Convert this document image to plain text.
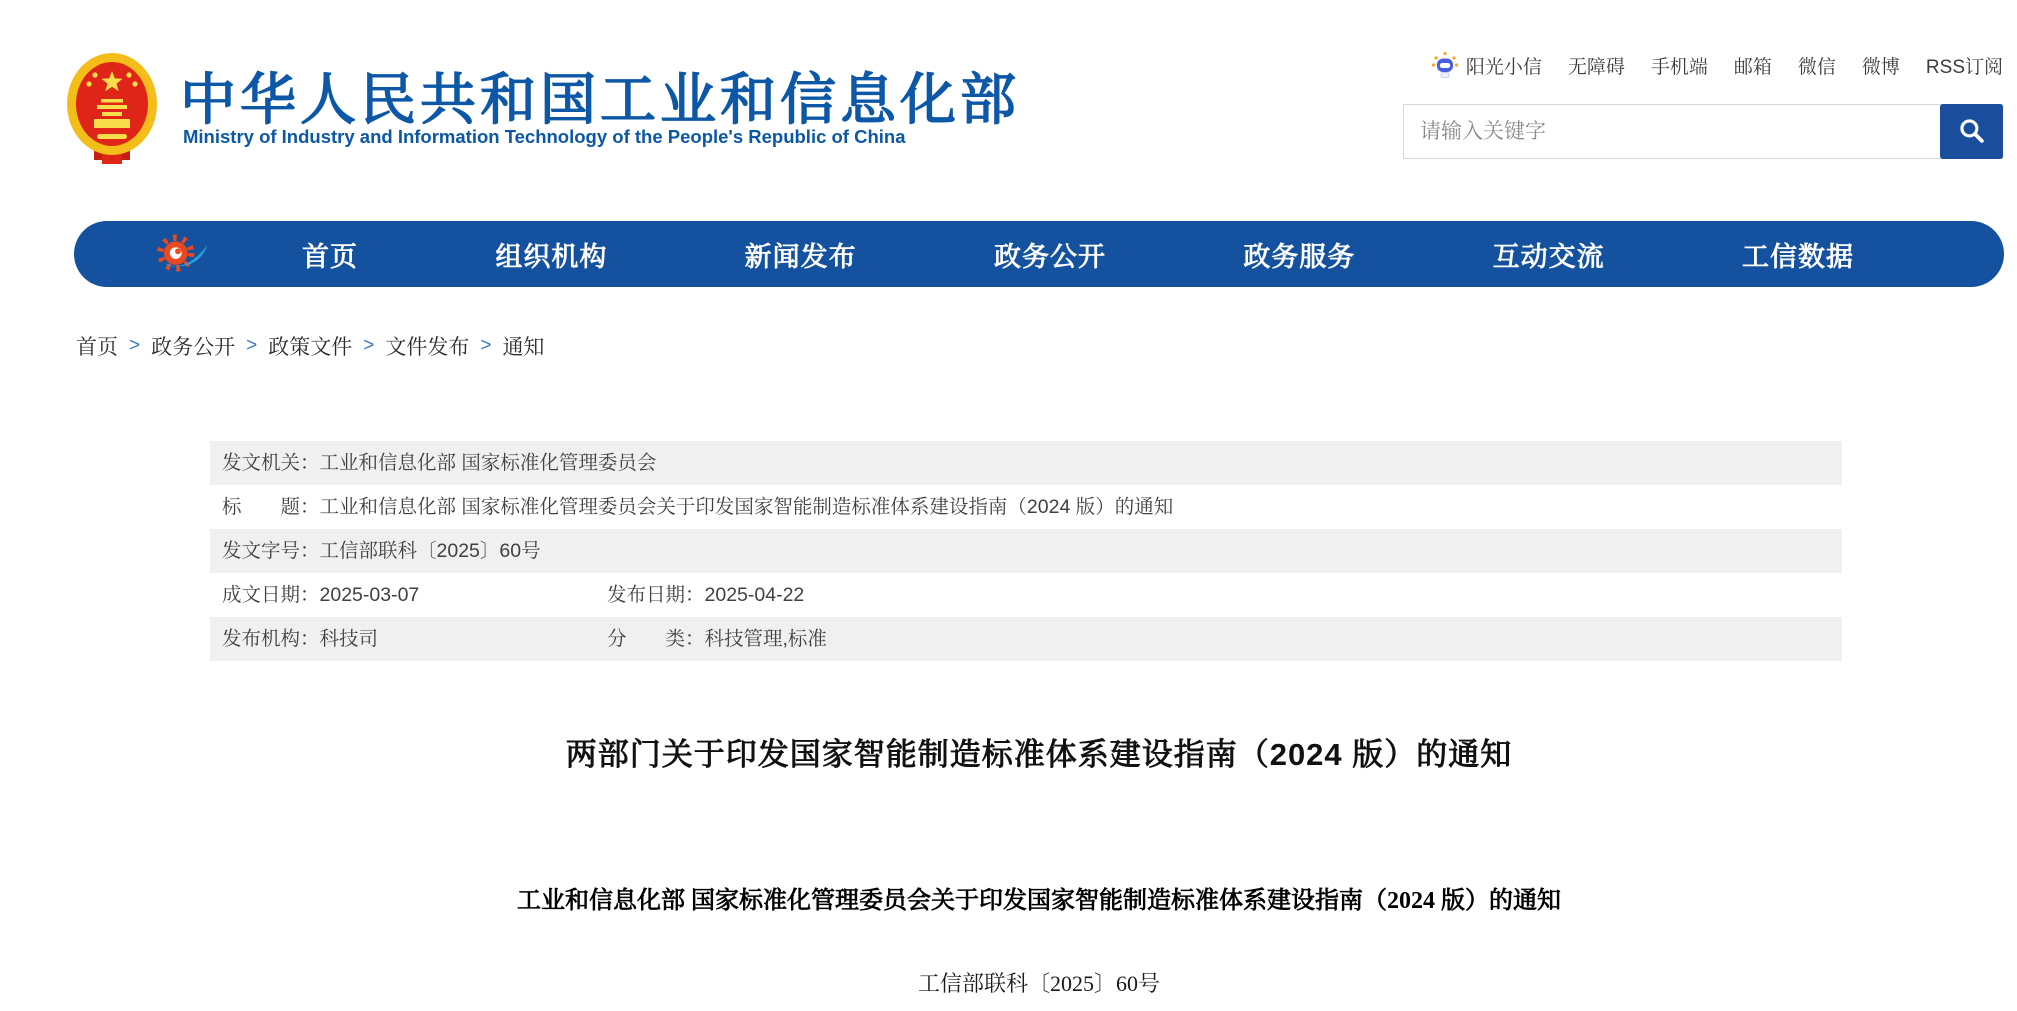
中华人民共和国工业和信息化部
Ministry of Industry and Information Technology of the People's Republic of China
阳光小信 无障碍 手机端 邮箱 微信 微博 RSS订阅
请输入关键字
首页	组织机构	新闻发布	政务公开	政务服务	互动交流	工信数据
首页 > 政务公开 > 政策文件 > 文件发布 > 通知
发文机关：工业和信息化部 国家标准化管理委员会
标　　题：工业和信息化部 国家标准化管理委员会关于印发国家智能制造标准体系建设指南（2024 版）的通知
发文字号：工信部联科〔2025〕60号
成文日期：2025-03-07	发布日期：2025-04-22
发布机构：科技司	分　　类：科技管理,标准
两部门关于印发国家智能制造标准体系建设指南（2024 版）的通知
工业和信息化部 国家标准化管理委员会关于印发国家智能制造标准体系建设指南（2024 版）的通知
工信部联科〔2025〕60号
